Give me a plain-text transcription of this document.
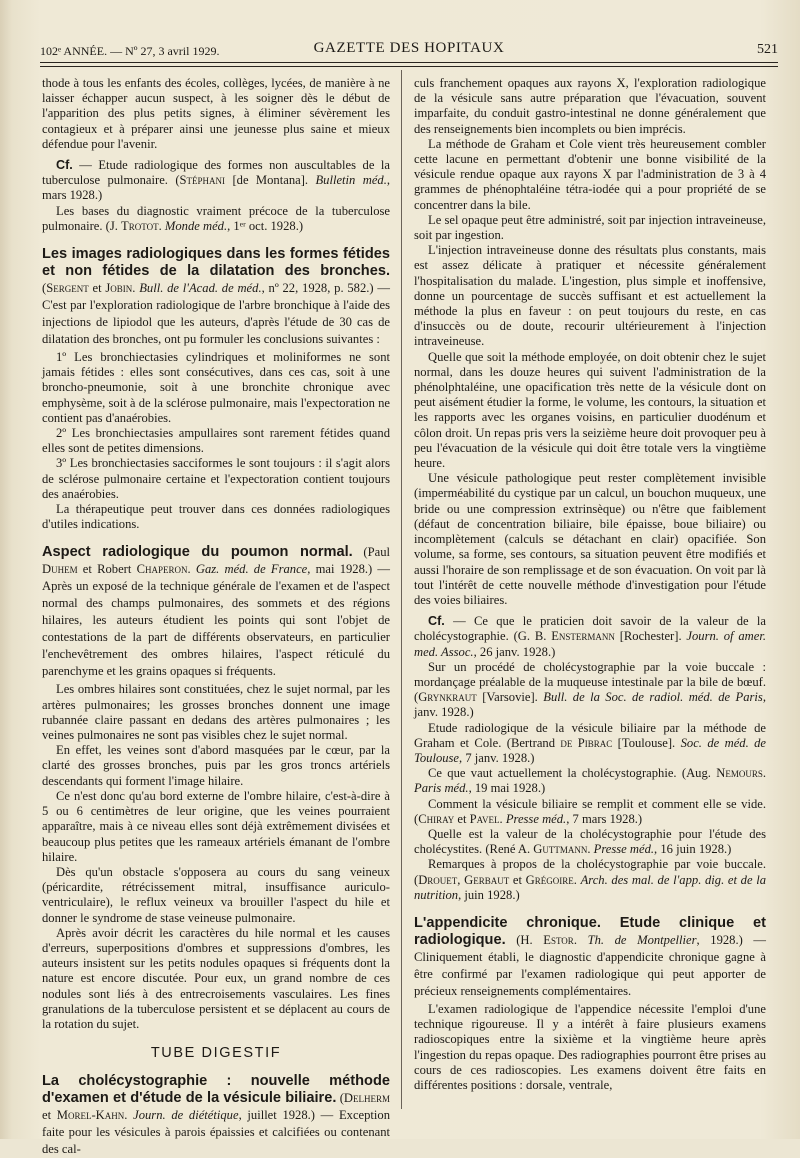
102ᵉ ANNÉE. — Nº 27, 3 avril 1929.	GAZETTE DES HOPITAUX	521

thode à tous les enfants des écoles, collèges, lycées, de manière à ne laisser échapper aucun suspect, à les soigner dès le début de l'apparition des plus petits signes, à éliminer sévèrement les contagieux et à préparer ainsi une jeunesse plus saine et mieux défendue pour l'avenir.

Cf. — Etude radiologique des formes non auscultables de la tuberculose pulmonaire. (Stéphani [de Montana]. Bulletin méd., mars 1928.)

Les bases du diagnostic vraiment précoce de la tuberculose pulmonaire. (J. Trotot. Monde méd., 1ᵉʳ oct. 1928.)

Les images radiologiques dans les formes fétides et non fétides de la dilatation des bronches. (Sergent et Jobin. Bull. de l'Acad. de méd., nº 22, 1928, p. 582.) — C'est par l'exploration radiologique de l'arbre bronchique à l'aide des injections de lipiodol que les auteurs, d'après l'étude de 30 cas de dilatation des bronches, ont pu formuler les conclusions suivantes :

1º Les bronchiectasies cylindriques et moliniformes ne sont jamais fétides : elles sont consécutives, dans ces cas, soit à une broncho-pneumonie, soit à une bronchite chronique avec emphysème, soit à de la sclérose pulmonaire, mais l'expectoration ne contient pas d'anaérobies.

2º Les bronchiectasies ampullaires sont rarement fétides quand elles sont de petites dimensions.

3º Les bronchiectasies sacciformes le sont toujours : il s'agit alors de sclérose pulmonaire certaine et l'expectoration contient toujours des anaérobies.

La thérapeutique peut trouver dans ces données radiologiques d'utiles indications.

Aspect radiologique du poumon normal. (Paul Duhem et Robert Chaperon. Gaz. méd. de France, mai 1928.) — Après un exposé de la technique générale de l'examen et de l'aspect normal des champs pulmonaires, des sommets et des régions hilaires, les auteurs étudient les points qui sont l'objet de contestations de la part de différents observateurs, en particulier l'enchevêtrement des ombres hilaires, l'aspect réticulé du parenchyme et les grains opaques si fréquents.

Les ombres hilaires sont constituées, chez le sujet normal, par les artères pulmonaires; les grosses bronches donnent une image rubannée claire passant en dedans des artères pulmonaires ; les veines pulmonaires ne sont pas visibles chez le sujet normal.

En effet, les veines sont d'abord masquées par le cœur, par la clarté des grosses bronches, puis par les gros troncs artériels descendants qui forment l'image hilaire.

Ce n'est donc qu'au bord externe de l'ombre hilaire, c'est-à-dire à 5 ou 6 centimètres de leur origine, que les veines pourraient apparaître, mais à ce niveau elles sont déjà extrêmement divisées et beaucoup plus petites que les rameaux artériels émanant de l'ombre hilaire.

Dès qu'un obstacle s'opposera au cours du sang veineux (péricardite, rétrécissement mitral, insuffisance auriculo-ventriculaire), le reflux veineux va brouiller l'aspect du hile et donner le syndrome de stase veineuse pulmonaire.

Après avoir décrit les caractères du hile normal et les causes d'erreurs, superpositions d'ombres et suppressions d'ombres, les auteurs insistent sur les petits nodules opaques si fréquents dont la nature est encore discutée. Pour eux, un grand nombre de ces nodules sont liés à des entrecroisements vasculaires. Les fines granulations de la tuberculose persistent et se déplacent au cours de la rotation du sujet.

TUBE DIGESTIF
La cholécystographie : nouvelle méthode d'examen et d'étude de la vésicule biliaire. (Delherm et Morel-Kahn. Journ. de diététique, juillet 1928.) — Exception faite pour les vésicules à parois épaissies et calcifiées ou contenant des cal-

culs franchement opaques aux rayons X, l'exploration radiologique de la vésicule sans autre préparation que l'évacuation, souvent imparfaite, du conduit gastro-intestinal ne donne généralement que des renseignements bien incomplets ou bien imprécis.

La méthode de Graham et Cole vient très heureusement combler cette lacune en permettant d'obtenir une bonne visibilité de la vésicule rendue opaque aux rayons X par l'administration de 3 à 4 grammes de phénophtaléine tétra-iodée qui a pour propriété de se concentrer dans la bile.

Le sel opaque peut être administré, soit par injection intraveineuse, soit par ingestion.

L'injection intraveineuse donne des résultats plus constants, mais est assez délicate à pratiquer et nécessite généralement l'hospitalisation du malade. L'ingestion, plus simple et inoffensive, donne un pourcentage de succès suffisant et est actuellement la méthode la plus en faveur : on peut toujours du reste, en cas d'insuccès ou de doute, recourir ultérieurement à l'injection intraveineuse.

Quelle que soit la méthode employée, on doit obtenir chez le sujet normal, dans les douze heures qui suivent l'administration de la phénolphtaléine, une opacification très nette de la vésicule dont on peut aisément étudier la forme, le volume, les contours, la situation et les rapports avec les organes voisins, en particulier duodénum et côlon droit. Un repas pris vers la seizième heure doit provoquer peu à peu l'évacuation de la vésicule qui doit être totale vers la vingtième heure.

Une vésicule pathologique peut rester complètement invisible (imperméabilité du cystique par un calcul, un bouchon muqueux, une bride ou une compression extrinsèque) ou n'être que faiblement (défaut de concentration biliaire, bile épaisse, boue biliaire) ou incomplètement (calculs se détachant en clair) opacifiée. Son volume, sa forme, ses contours, sa situation peuvent être modifiés et aussi l'horaire de son remplissage et de son évacuation. On voit par là tout l'intérêt de cette nouvelle méthode d'investigation pour l'étude des voies biliaires.

Cf. — Ce que le praticien doit savoir de la valeur de la cholécystographie. (G. B. Enstermann [Rochester]. Journ. of amer. med. Assoc., 26 janv. 1928.)

Sur un procédé de cholécystographie par la voie buccale : mordançage préalable de la muqueuse intestinale par la bile de bœuf. (Grynkraut [Varsovie]. Bull. de la Soc. de radiol. méd. de Paris, janv. 1928.)

Etude radiologique de la vésicule biliaire par la méthode de Graham et Cole. (Bertrand de Pibrac [Toulouse]. Soc. de méd. de Toulouse, 7 janv. 1928.)

Ce que vaut actuellement la cholécystographie. (Aug. Nemours. Paris méd., 19 mai 1928.)

Comment la vésicule biliaire se remplit et comment elle se vide. (Chiray et Pavel. Presse méd., 7 mars 1928.)

Quelle est la valeur de la cholécystographie pour l'étude des cholécystites. (René A. Guttmann. Presse méd., 16 juin 1928.)

Remarques à propos de la cholécystographie par voie buccale. (Drouet, Gerbaut et Grégoire. Arch. des mal. de l'app. dig. et de la nutrition, juin 1928.)

L'appendicite chronique. Etude clinique et radiologique. (H. Estor. Th. de Montpellier, 1928.) — Cliniquement établi, le diagnostic d'appendicite chronique gagne à être confirmé par l'examen radiologique qui peut apporter de précieux renseignements complémentaires.

L'examen radiologique de l'appendice nécessite l'emploi d'une technique rigoureuse. Il y a intérêt à faire plusieurs examens radioscopiques entre la sixième et la vingtième heure après l'ingestion du repas opaque. Des radiographies pourront être prises au cours de ces radioscopies. Les examens doivent être faits en différentes positions : dorsale, ventrale,
